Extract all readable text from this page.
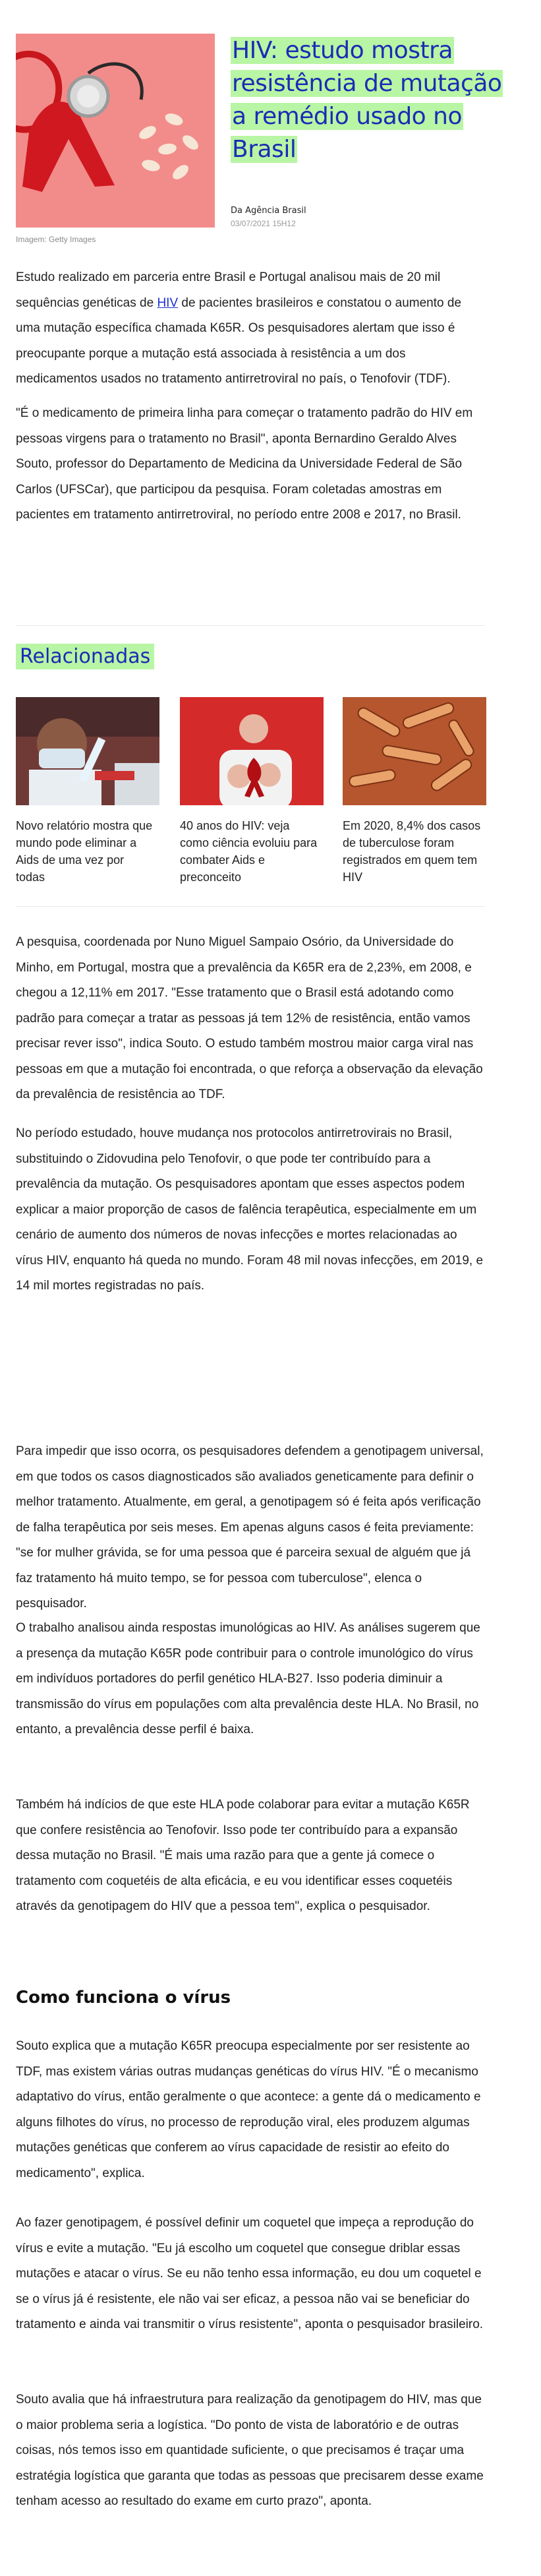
Imagem: Getty Images
HIV: estudo mostra resistência de mutação a remédio usado no Brasil
Da Agência Brasil
03/07/2021 15H12

Estudo realizado em parceria entre Brasil e Portugal analisou mais de 20 mil sequências genéticas de HIV de pacientes brasileiros e constatou o aumento de uma mutação específica chamada K65R. Os pesquisadores alertam que isso é preocupante porque a mutação está associada à resistência a um dos medicamentos usados no tratamento antirretroviral no país, o Tenofovir (TDF).

"É o medicamento de primeira linha para começar o tratamento padrão do HIV em pessoas virgens para o tratamento no Brasil", aponta Bernardino Geraldo Alves Souto, professor do Departamento de Medicina da Universidade Federal de São Carlos (UFSCar), que participou da pesquisa. Foram coletadas amostras em pacientes em tratamento antirretroviral, no período entre 2008 e 2017, no Brasil.

Relacionadas
Novo relatório mostra que mundo pode eliminar a Aids de uma vez por todas
40 anos do HIV: veja como ciência evoluiu para combater Aids e preconceito
Em 2020, 8,4% dos casos de tuberculose foram registrados em quem tem HIV

A pesquisa, coordenada por Nuno Miguel Sampaio Osório, da Universidade do Minho, em Portugal, mostra que a prevalência da K65R era de 2,23%, em 2008, e chegou a 12,11% em 2017. "Esse tratamento que o Brasil está adotando como padrão para começar a tratar as pessoas já tem 12% de resistência, então vamos precisar rever isso", indica Souto. O estudo também mostrou maior carga viral nas pessoas em que a mutação foi encontrada, o que reforça a observação da elevação da prevalência de resistência ao TDF.

No período estudado, houve mudança nos protocolos antirretrovirais no Brasil, substituindo o Zidovudina pelo Tenofovir, o que pode ter contribuído para a prevalência da mutação. Os pesquisadores apontam que esses aspectos podem explicar a maior proporção de casos de falência terapêutica, especialmente em um cenário de aumento dos números de novas infecções e mortes relacionadas ao vírus HIV, enquanto há queda no mundo. Foram 48 mil novas infecções, em 2019, e 14 mil mortes registradas no país.

Para impedir que isso ocorra, os pesquisadores defendem a genotipagem universal, em que todos os casos diagnosticados são avaliados geneticamente para definir o melhor tratamento. Atualmente, em geral, a genotipagem só é feita após verificação de falha terapêutica por seis meses. Em apenas alguns casos é feita previamente: "se for mulher grávida, se for uma pessoa que é parceira sexual de alguém que já faz tratamento há muito tempo, se for pessoa com tuberculose", elenca o pesquisador.

O trabalho analisou ainda respostas imunológicas ao HIV. As análises sugerem que a presença da mutação K65R pode contribuir para o controle imunológico do vírus em indivíduos portadores do perfil genético HLA-B27. Isso poderia diminuir a transmissão do vírus em populações com alta prevalência deste HLA. No Brasil, no entanto, a prevalência desse perfil é baixa.

Também há indícios de que este HLA pode colaborar para evitar a mutação K65R que confere resistência ao Tenofovir. Isso pode ter contribuído para a expansão dessa mutação no Brasil. "É mais uma razão para que a gente já comece o tratamento com coquetéis de alta eficácia, e eu vou identificar esses coquetéis através da genotipagem do HIV que a pessoa tem", explica o pesquisador.

Como funciona o vírus

Souto explica que a mutação K65R preocupa especialmente por ser resistente ao TDF, mas existem várias outras mudanças genéticas do vírus HIV. "É o mecanismo adaptativo do vírus, então geralmente o que acontece: a gente dá o medicamento e alguns filhotes do vírus, no processo de reprodução viral, eles produzem algumas mutações genéticas que conferem ao vírus capacidade de resistir ao efeito do medicamento", explica.

Ao fazer genotipagem, é possível definir um coquetel que impeça a reprodução do vírus e evite a mutação. "Eu já escolho um coquetel que consegue driblar essas mutações e atacar o vírus. Se eu não tenho essa informação, eu dou um coquetel e se o vírus já é resistente, ele não vai ser eficaz, a pessoa não vai se beneficiar do tratamento e ainda vai transmitir o vírus resistente", aponta o pesquisador brasileiro.

Souto avalia que há infraestrutura para realização da genotipagem do HIV, mas que o maior problema seria a logística. "Do ponto de vista de laboratório e de outras coisas, nós temos isso em quantidade suficiente, o que precisamos é traçar uma estratégia logística que garanta que todas as pessoas que precisarem desse exame tenham acesso ao resultado do exame em curto prazo", aponta.
